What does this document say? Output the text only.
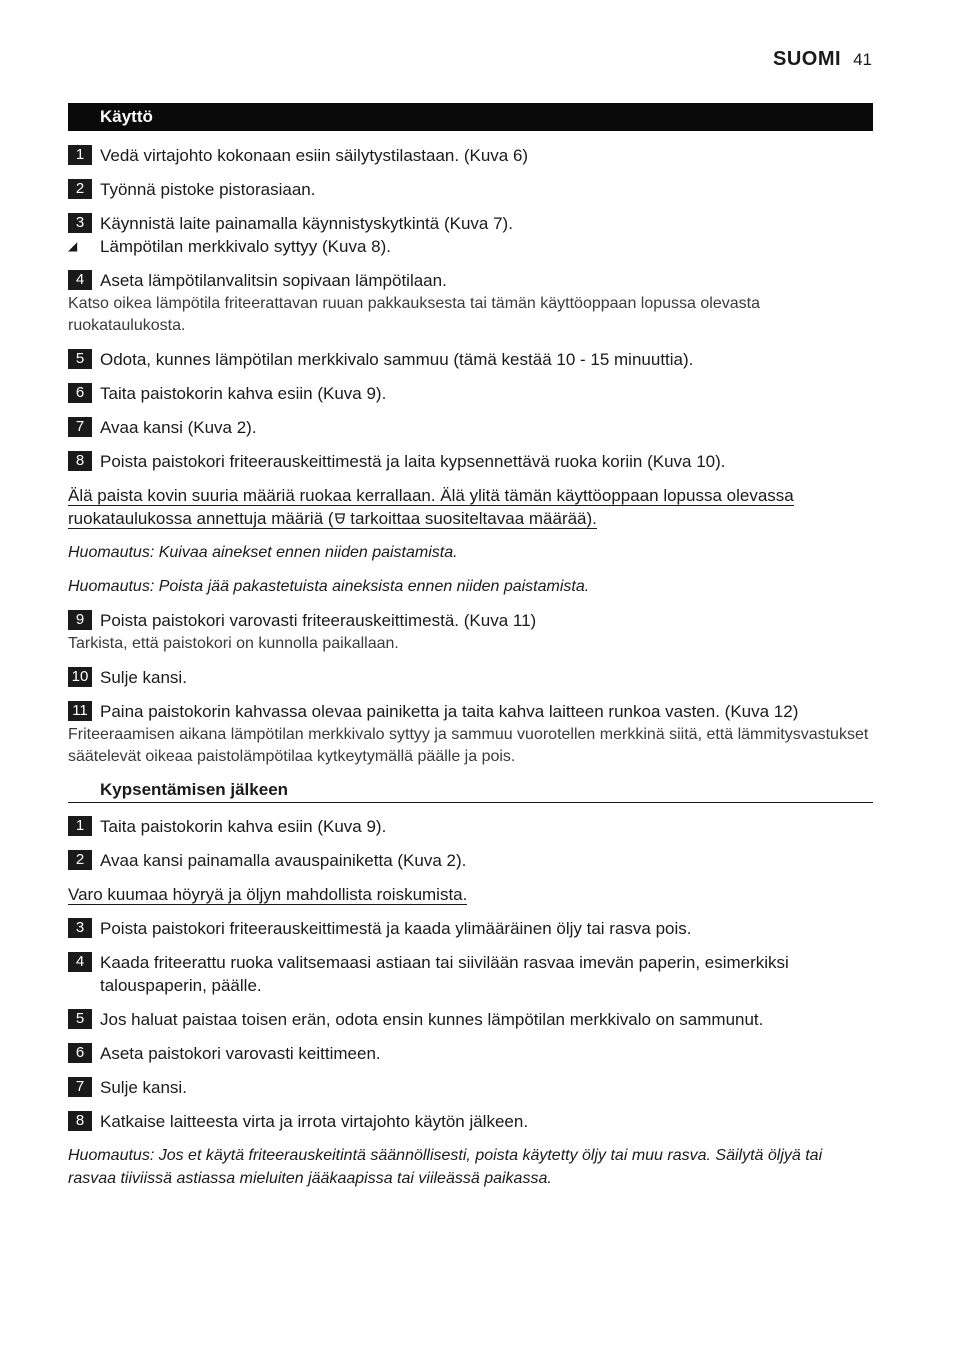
SUOMI 41
Käyttö
1 Vedä virtajohto kokonaan esiin säilytystilastaan. (Kuva 6)
2 Työnnä pistoke pistorasiaan.
3 Käynnistä laite painamalla käynnistyskytkintä (Kuva 7).
◢	Lämpötilan merkkivalo syttyy (Kuva 8).
4 Aseta lämpötilanvalitsin sopivaan lämpötilaan.
Katso oikea lämpötila friteerattavan ruuan pakkauksesta tai tämän käyttöoppaan lopussa olevasta ruokataulukosta.
5 Odota, kunnes lämpötilan merkkivalo sammuu (tämä kestää 10 - 15 minuuttia).
6 Taita paistokorin kahva esiin (Kuva 9).
7 Avaa kansi (Kuva 2).
8 Poista paistokori friteerauskeittimestä ja laita kypsennettävä ruoka koriin (Kuva 10).
Älä paista kovin suuria määriä ruokaa kerrallaan. Älä ylitä tämän käyttöoppaan lopussa olevassa
ruokataulukossa annettuja määriä ( tarkoittaa suositeltavaa määrää).
Huomautus: Kuivaa ainekset ennen niiden paistamista.
Huomautus: Poista jää pakastetuista aineksista ennen niiden paistamista.
9 Poista paistokori varovasti friteerauskeittimestä. (Kuva 11)
Tarkista, että paistokori on kunnolla paikallaan.
10 Sulje kansi.
11 Paina paistokorin kahvassa olevaa painiketta ja taita kahva laitteen runkoa vasten. (Kuva 12)
Friteeraamisen aikana lämpötilan merkkivalo syttyy ja sammuu vuorotellen merkkinä siitä, että lämmitysvastukset säätelevät oikeaa paistolämpötilaa kytkeytymällä päälle ja pois.
Kypsentämisen jälkeen
1 Taita paistokorin kahva esiin (Kuva 9).
2 Avaa kansi painamalla avauspainiketta (Kuva 2).
Varo kuumaa höyryä ja öljyn mahdollista roiskumista.
3 Poista paistokori friteerauskeittimestä ja kaada ylimääräinen öljy tai rasva pois.
4 Kaada friteerattu ruoka valitsemaasi astiaan tai siivilään rasvaa imevän paperin, esimerkiksi talouspaperin, päälle.
5 Jos haluat paistaa toisen erän, odota ensin kunnes lämpötilan merkkivalo on sammunut.
6 Aseta paistokori varovasti keittimeen.
7 Sulje kansi.
8 Katkaise laitteesta virta ja irrota virtajohto käytön jälkeen.
Huomautus: Jos et käytä friteerauskeitintä säännöllisesti, poista käytetty öljy tai muu rasva. Säilytä öljyä tai rasvaa tiiviissä astiassa mieluiten jääkaapissa tai viileässä paikassa.
